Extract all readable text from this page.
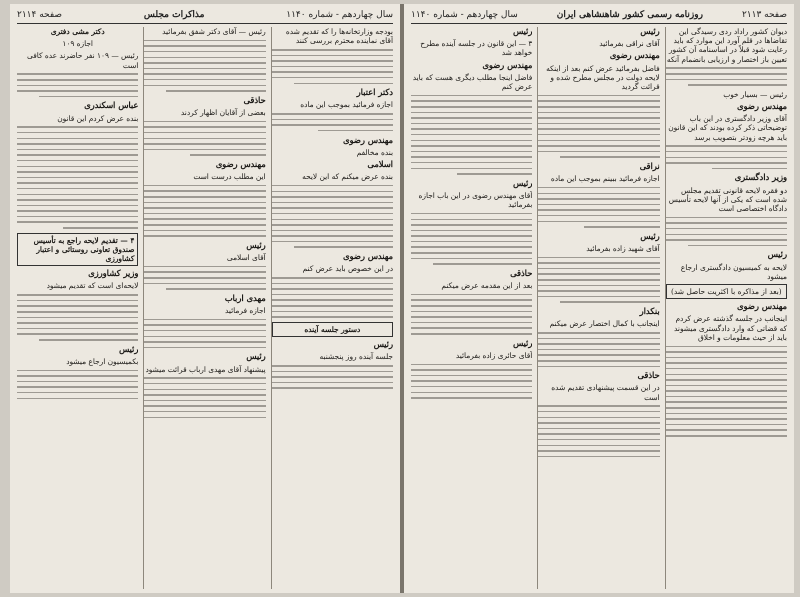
صفحه ۲۱۱۳
روزنامه رسمی کشور شاهنشاهی ایران
سال چهاردهم - شماره ۱۱۴۰
دیوان کشور راداد ردی رسیدگی این تقاضاها در قلم آورد این موارد که باید رعایت شود قبلاً در اساسنامه آن کشور تعیین باز اختصار و ارزیابی بانضمام آنکه
رئیس — بسیار خوب
مهندس رضوی
آقای وزیر دادگستری در این باب توضیحاتی ذکر کرده بودند که این قانون باید هرچه زودتر بتصویب برسد
وزیر دادگستری
دو فقره لایحه قانونی تقدیم مجلس شده است که یکی از آنها لایحه تأسیس دادگاه اختصاصی است
رئیس
لایحه به کمیسیون دادگستری ارجاع میشود
(بعد از مذاکره با اکثریت حاصل شد)
مهندس رضوی
اینجانب در جلسه گذشته عرض کردم که قضاتی که وارد دادگستری میشوند باید از حیث معلومات و اخلاق
رئیس
آقای نراقی بفرمائید
مهندس رضوی
فاضل بفرمائید عرض کنم بعد از اینکه لایحه دولت در مجلس مطرح شده و قرائت گردید
نراقی
اجازه فرمائید ببینم بموجب این ماده
رئیس
آقای شهید زاده بفرمائید
بنکدار
اینجانب با کمال اختصار عرض میکنم
حاذقی
در این قسمت پیشنهادی تقدیم شده است
رئیس
۳ — این قانون در جلسه آینده مطرح خواهد شد
مهندس رضوی
فاضل اینجا مطلب دیگری هست که باید عرض کنم
رئیس
آقای مهندس رضوی در این باب اجازه بفرمائید
حاذقی
بعد از این مقدمه عرض میکنم
رئیس
آقای حائری زاده بفرمائید
سال چهاردهم - شماره ۱۱۴۰
مذاکرات مجلس
صفحه ۲۱۱۴
بودجه وزارتخانه‌ها را که تقدیم شده آقای نماینده محترم بررسی کنند
دکتر اعتبار
اجازه فرمائید بموجب این ماده
مهندس رضوی
بنده مخالفم
اسلامی
بنده عرض میکنم که این لایحه
مهندس رضوی
در این خصوص باید عرض کنم
دستور جلسه آینده
رئیس
جلسه آینده روز پنجشنبه
رئیس — آقای دکتر شفق بفرمائید
حاذقی
بعضی از آقایان اظهار کردند
مهندس رضوی
این مطلب درست است
رئیس
آقای اسلامی
مهدی ارباب
اجازه فرمائید
رئیس
پیشنهاد آقای مهدی ارباب قرائت میشود
دکتر مشی دفتری
اجازه ۱۰۹
رئیس — ۱۰۹ نفر حاضرند عده کافی است
عباس اسکندری
بنده عرض کردم این قانون
۴ — تقدیم لایحه راجع به تأسیس صندوق تعاونی روستائی و اعتبار کشاورزی
وزیر کشاورزی
لایحه‌ای است که تقدیم میشود
رئیس
بکمیسیون ارجاع میشود
